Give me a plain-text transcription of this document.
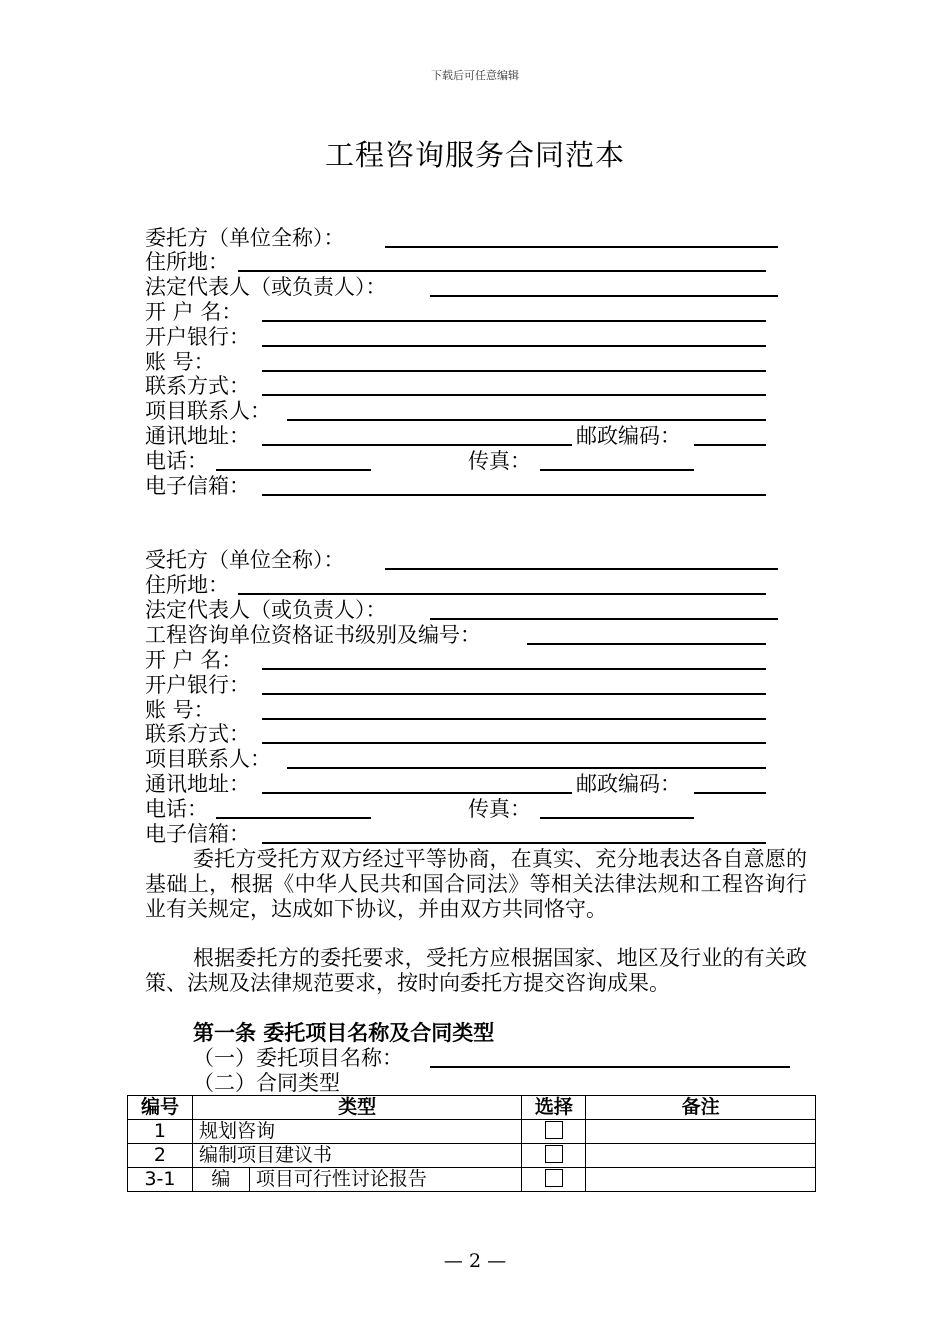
下载后可任意编辑
工程咨询服务合同范本
委托方（单位全称）：
住所地：
法定代表人（或负责人）：
开 户 名：
开户银行：
账 号：
联系方式：
项目联系人：
通讯地址：	邮政编码：
电话：	传真：
电子信箱：
受托方（单位全称）：
住所地：
法定代表人（或负责人）：
工程咨询单位资格证书级别及编号：
开 户 名：
开户银行：
账 号：
联系方式：
项目联系人：
通讯地址：	邮政编码：
电话：	传真：
电子信箱：
委托方受托方双方经过平等协商，在真实、充分地表达各自意愿的基础上，根据《中华人民共和国合同法》等相关法律法规和工程咨询行业有关规定，达成如下协议，并由双方共同恪守。
根据委托方的委托要求，受托方应根据国家、地区及行业的有关政策、法规及法律规范要求，按时向委托方提交咨询成果。
第一条 委托项目名称及合同类型
（一）委托项目名称：
（二）合同类型
编号	类型		选择	备注
1	规划咨询			
2	编制项目建议书			
3-1	编	项目可行性讨论报告		
— 2 —
